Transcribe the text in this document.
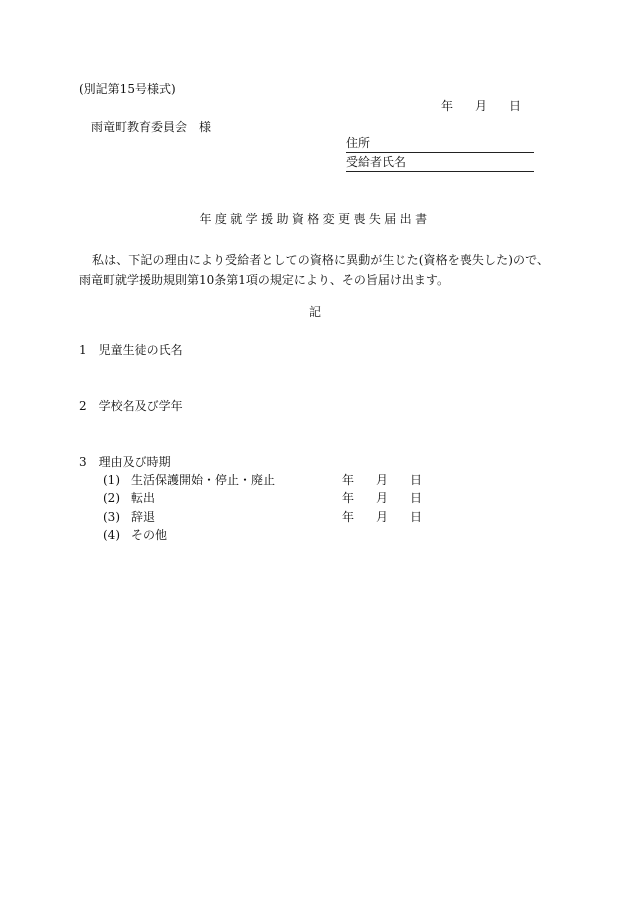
(別記第15号様式)
年 月 日
雨竜町教育委員会　様
住所
受給者氏名
年度就学援助資格変更喪失届出書
私は、下記の理由により受給者としての資格に異動が生じた(資格を喪失した)ので、雨竜町就学援助規則第10条第1項の規定により、その旨届け出ます。
記
1　 児童生徒の氏名
2　 学校名及び学年
3　 理由及び時期
(1) 生活保護開始・停止・廃止	年 月 日
(2) 転出	年 月 日
(3) 辞退	年 月 日
(4) その他
